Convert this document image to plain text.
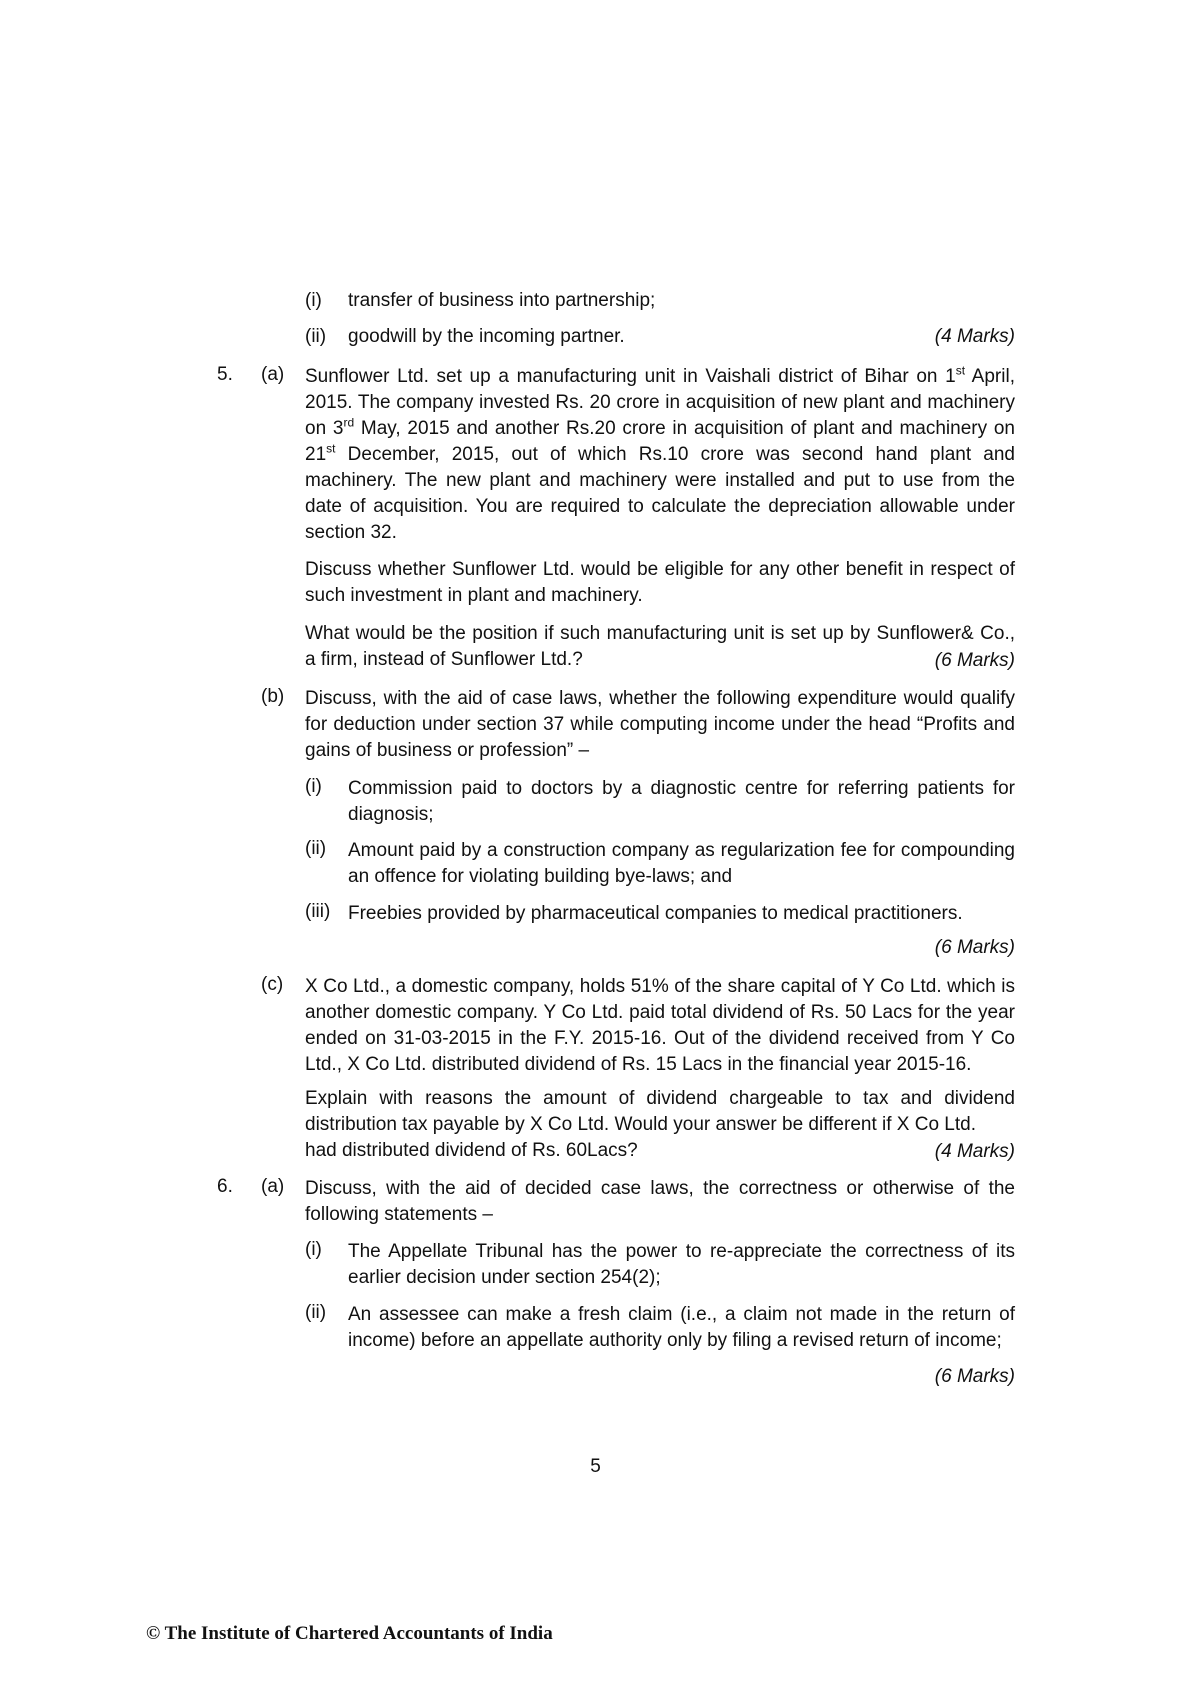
(i) transfer of business into partnership;
(ii) goodwill by the incoming partner.	(4 Marks)
5. (a) Sunflower Ltd. set up a manufacturing unit in Vaishali district of Bihar on 1st April, 2015. The company invested Rs. 20 crore in acquisition of new plant and machinery on 3rd May, 2015 and another Rs.20 crore in acquisition of plant and machinery on 21st December, 2015, out of which Rs.10 crore was second hand plant and machinery. The new plant and machinery were installed and put to use from the date of acquisition. You are required to calculate the depreciation allowable under section 32.
Discuss whether Sunflower Ltd. would be eligible for any other benefit in respect of such investment in plant and machinery.
What would be the position if such manufacturing unit is set up by Sunflower& Co.,
a firm, instead of Sunflower Ltd.?	(6 Marks)
(b) Discuss, with the aid of case laws, whether the following expenditure would qualify for deduction under section 37 while computing income under the head “Profits and gains of business or profession” –
(i) Commission paid to doctors by a diagnostic centre for referring patients for diagnosis;
(ii) Amount paid by a construction company as regularization fee for compounding an offence for violating building bye-laws; and
(iii) Freebies provided by pharmaceutical companies to medical practitioners.
(6 Marks)
(c) X Co Ltd., a domestic company, holds 51% of the share capital of Y Co Ltd. which is another domestic company. Y Co Ltd. paid total dividend of Rs. 50 Lacs for the year ended on 31-03-2015 in the F.Y. 2015-16. Out of the dividend received from Y Co Ltd., X Co Ltd. distributed dividend of Rs. 15 Lacs in the financial year 2015-16.
Explain with reasons the amount of dividend chargeable to tax and dividend distribution tax payable by X Co Ltd. Would your answer be different if X Co Ltd.
had distributed dividend of Rs. 60Lacs?	(4 Marks)
6. (a) Discuss, with the aid of decided case laws, the correctness or otherwise of the following statements –
(i) The Appellate Tribunal has the power to re-appreciate the correctness of its earlier decision under section 254(2);
(ii) An assessee can make a fresh claim (i.e., a claim not made in the return of income) before an appellate authority only by filing a revised return of income;
(6 Marks)
5
© The Institute of Chartered Accountants of India
